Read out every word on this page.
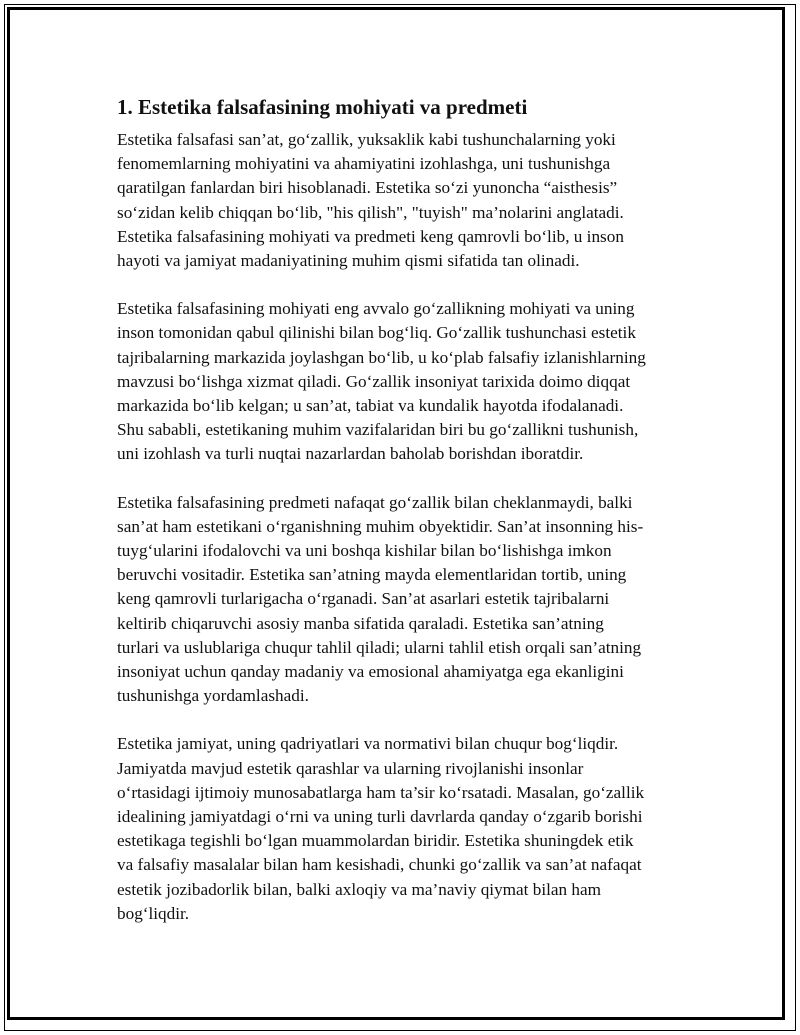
1. Estetika falsafasining mohiyati va predmeti

Estetika falsafasi san’at, go‘zallik, yuksaklik kabi tushunchalarning yoki
fenomemlarning mohiyatini va ahamiyatini izohlashga, uni tushunishga
qaratilgan fanlardan biri hisoblanadi. Estetika so‘zi yunoncha “aisthesis”
so‘zidan kelib chiqqan bo‘lib, "his qilish", "tuyish" ma’nolarini anglatadi.
Estetika falsafasining mohiyati va predmeti keng qamrovli bo‘lib, u inson
hayoti va jamiyat madaniyatining muhim qismi sifatida tan olinadi.

Estetika falsafasining mohiyati eng avvalo go‘zallikning mohiyati va uning
inson tomonidan qabul qilinishi bilan bog‘liq. Go‘zallik tushunchasi estetik
tajribalarning markazida joylashgan bo‘lib, u ko‘plab falsafiy izlanishlarning
mavzusi bo‘lishga xizmat qiladi. Go‘zallik insoniyat tarixida doimo diqqat
markazida bo‘lib kelgan; u san’at, tabiat va kundalik hayotda ifodalanadi.
Shu sababli, estetikaning muhim vazifalaridan biri bu go‘zallikni tushunish,
uni izohlash va turli nuqtai nazarlardan baholab borishdan iboratdir.

Estetika falsafasining predmeti nafaqat go‘zallik bilan cheklanmaydi, balki
san’at ham estetikani o‘rganishning muhim obyektidir. San’at insonning his-
tuyg‘ularini ifodalovchi va uni boshqa kishilar bilan bo‘lishishga imkon
beruvchi vositadir. Estetika san’atning mayda elementlaridan tortib, uning
keng qamrovli turlarigacha o‘rganadi. San’at asarlari estetik tajribalarni
keltirib chiqaruvchi asosiy manba sifatida qaraladi. Estetika san’atning
turlari va uslublariga chuqur tahlil qiladi; ularni tahlil etish orqali san’atning
insoniyat uchun qanday madaniy va emosional ahamiyatga ega ekanligini
tushunishga yordamlashadi.

Estetika jamiyat, uning qadriyatlari va normativi bilan chuqur bog‘liqdir.
Jamiyatda mavjud estetik qarashlar va ularning rivojlanishi insonlar
o‘rtasidagi ijtimoiy munosabatlarga ham ta’sir ko‘rsatadi. Masalan, go‘zallik
idealining jamiyatdagi o‘rni va uning turli davrlarda qanday o‘zgarib borishi
estetikaga tegishli bo‘lgan muammolardan biridir. Estetika shuningdek etik
va falsafiy masalalar bilan ham kesishadi, chunki go‘zallik va san’at nafaqat
estetik jozibadorlik bilan, balki axloqiy va ma’naviy qiymat bilan ham
bog‘liqdir.
